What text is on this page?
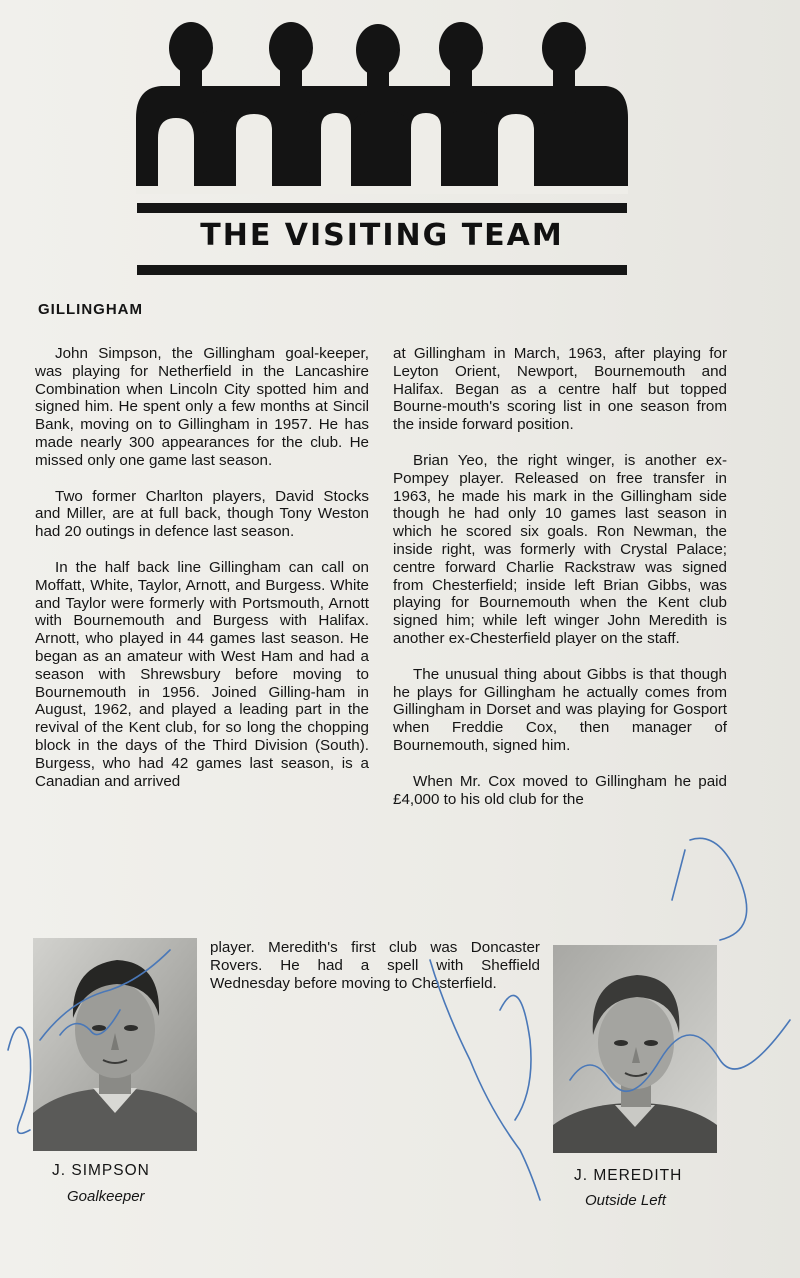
THE VISITING TEAM
GILLINGHAM

John Simpson, the Gillingham goal-keeper, was playing for Netherfield in the Lancashire Combination when Lincoln City spotted him and signed him. He spent only a few months at Sincil Bank, moving on to Gillingham in 1957. He has made nearly 300 appearances for the club. He missed only one game last season.

Two former Charlton players, David Stocks and Miller, are at full back, though Tony Weston had 20 outings in defence last season.

In the half back line Gillingham can call on Moffatt, White, Taylor, Arnott, and Burgess. White and Taylor were formerly with Portsmouth, Arnott with Bournemouth and Burgess with Halifax. Arnott, who played in 44 games last season. He began as an amateur with West Ham and had a season with Shrewsbury before moving to Bournemouth in 1956. Joined Gilling-ham in August, 1962, and played a leading part in the revival of the Kent club, for so long the chopping block in the days of the Third Division (South). Burgess, who had 42 games last season, is a Canadian and arrived

at Gillingham in March, 1963, after playing for Leyton Orient, Newport, Bournemouth and Halifax. Began as a centre half but topped Bourne-mouth's scoring list in one season from the inside forward position.

Brian Yeo, the right winger, is another ex-Pompey player. Released on free transfer in 1963, he made his mark in the Gillingham side though he had only 10 games last season in which he scored six goals. Ron Newman, the inside right, was formerly with Crystal Palace; centre forward Charlie Rackstraw was signed from Chesterfield; inside left Brian Gibbs, was playing for Bournemouth when the Kent club signed him; while left winger John Meredith is another ex-Chesterfield player on the staff.

The unusual thing about Gibbs is that though he plays for Gillingham he actually comes from Gillingham in Dorset and was playing for Gosport when Freddie Cox, then manager of Bournemouth, signed him.

When Mr. Cox moved to Gillingham he paid £4,000 to his old club for the

player. Meredith's first club was Doncaster Rovers. He had a spell with Sheffield Wednesday before moving to Chesterfield.
J. SIMPSON
Goalkeeper
J. MEREDITH
Outside Left
